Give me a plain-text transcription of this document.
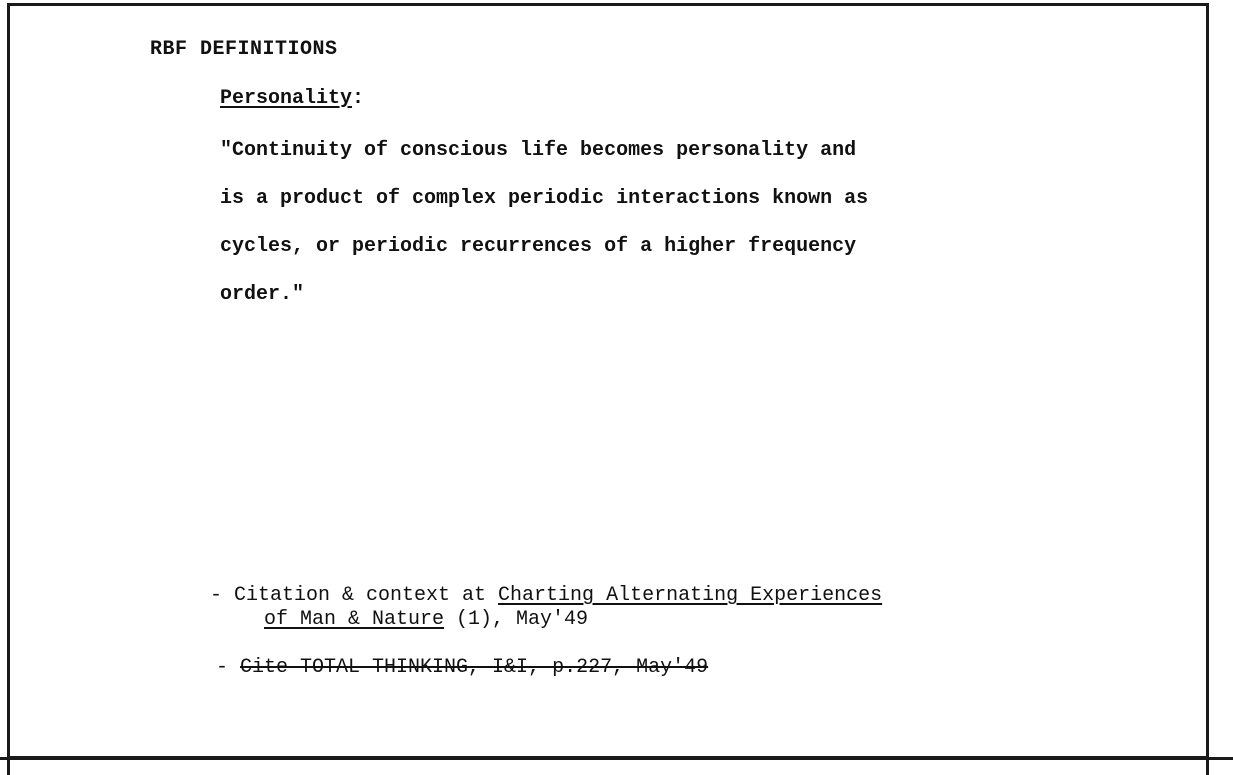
RBF DEFINITIONS
Personality:
"Continuity of conscious life becomes personality and
is a product of complex periodic interactions known as
cycles, or periodic recurrences of a higher frequency
order."
- Citation & context at Charting Alternating Experiences
of Man & Nature (1), May'49
- Cite TOTAL THINKING, I&I, p.227, May'49
